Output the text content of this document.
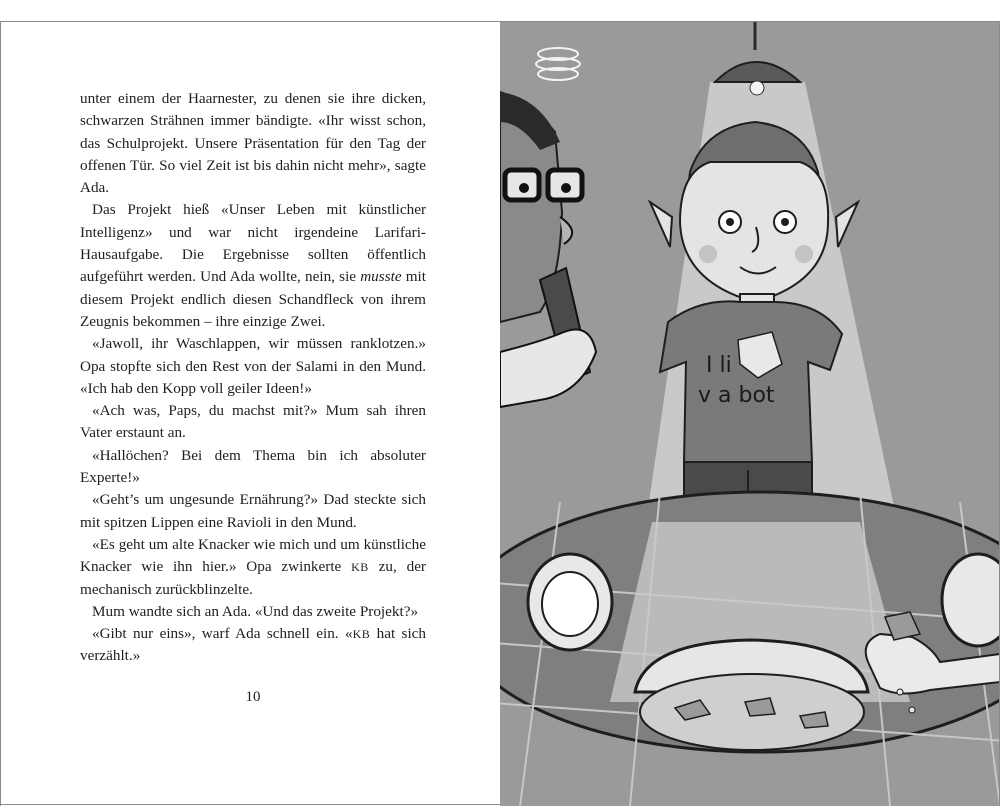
unter einem der Haarnester, zu denen sie ihre dicken, schwarzen Strähnen immer bändigte. «Ihr wisst schon, das Schulprojekt. Unsere Präsentation für den Tag der offenen Tür. So viel Zeit ist bis dahin nicht mehr», sagte Ada.

Das Projekt hieß «Unser Leben mit künstlicher Intelligenz» und war nicht irgendeine Larifari-Hausaufgabe. Die Ergebnisse sollten öffentlich aufgeführt werden. Und Ada wollte, nein, sie musste mit diesem Projekt endlich diesen Schandfleck von ihrem Zeugnis bekommen – ihre einzige Zwei.

«Jawoll, ihr Waschlappen, wir müssen ranklotzen.» Opa stopfte sich den Rest von der Salami in den Mund. «Ich hab den Kopp voll geiler Ideen!»

«Ach was, Paps, du machst mit?» Mum sah ihren Vater erstaunt an.

«Hallöchen? Bei dem Thema bin ich absoluter Experte!»

«Geht’s um ungesunde Ernährung?» Dad steckte sich mit spitzen Lippen eine Ravioli in den Mund.

«Es geht um alte Knacker wie mich und um künstliche Knacker wie ihn hier.» Opa zwinkerte KB zu, der mechanisch zurückblinzelte.

Mum wandte sich an Ada. «Und das zweite Projekt?»

«Gibt nur eins», warf Ada schnell ein. «KB hat sich verzählt.»

10
I li
v a bot
